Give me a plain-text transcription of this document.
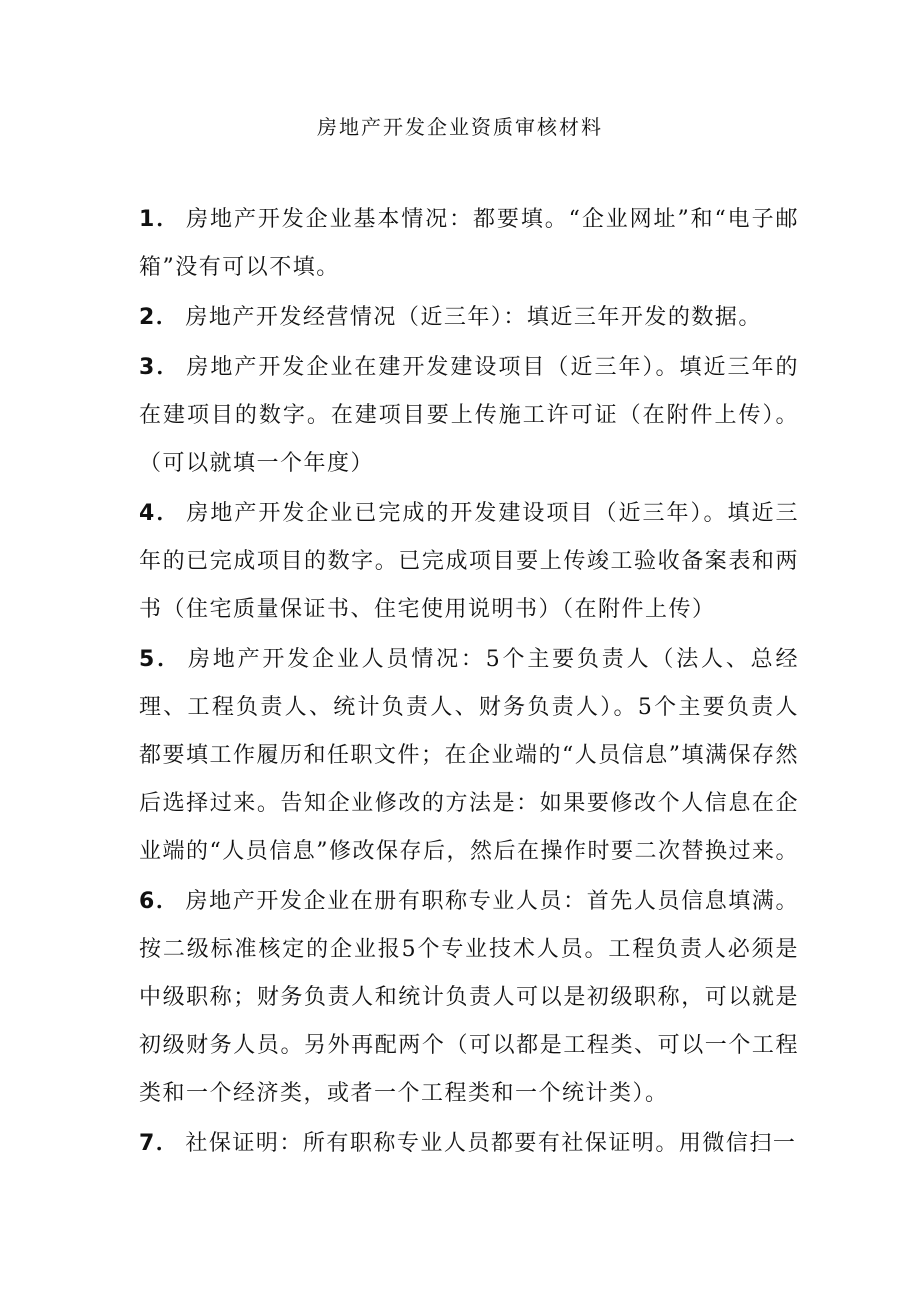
房地产开发企业资质审核材料

1． 房地产开发企业基本情况：都要填。“企业网址”和“电子邮箱”没有可以不填。

2． 房地产开发经营情况（近三年）：填近三年开发的数据。

3． 房地产开发企业在建开发建设项目（近三年）。填近三年的在建项目的数字。在建项目要上传施工许可证（在附件上传）。（可以就填一个年度）

4． 房地产开发企业已完成的开发建设项目（近三年）。填近三年的已完成项目的数字。已完成项目要上传竣工验收备案表和两书（住宅质量保证书、住宅使用说明书）（在附件上传）

5． 房地产开发企业人员情况：5个主要负责人（法人、总经理、工程负责人、统计负责人、财务负责人）。5个主要负责人都要填工作履历和任职文件；在企业端的“人员信息”填满保存然后选择过来。告知企业修改的方法是：如果要修改个人信息在企业端的“人员信息”修改保存后，然后在操作时要二次替换过来。

6． 房地产开发企业在册有职称专业人员：首先人员信息填满。按二级标准核定的企业报5个专业技术人员。工程负责人必须是中级职称；财务负责人和统计负责人可以是初级职称，可以就是初级财务人员。另外再配两个（可以都是工程类、可以一个工程类和一个经济类，或者一个工程类和一个统计类）。

7． 社保证明：所有职称专业人员都要有社保证明。用微信扫一
